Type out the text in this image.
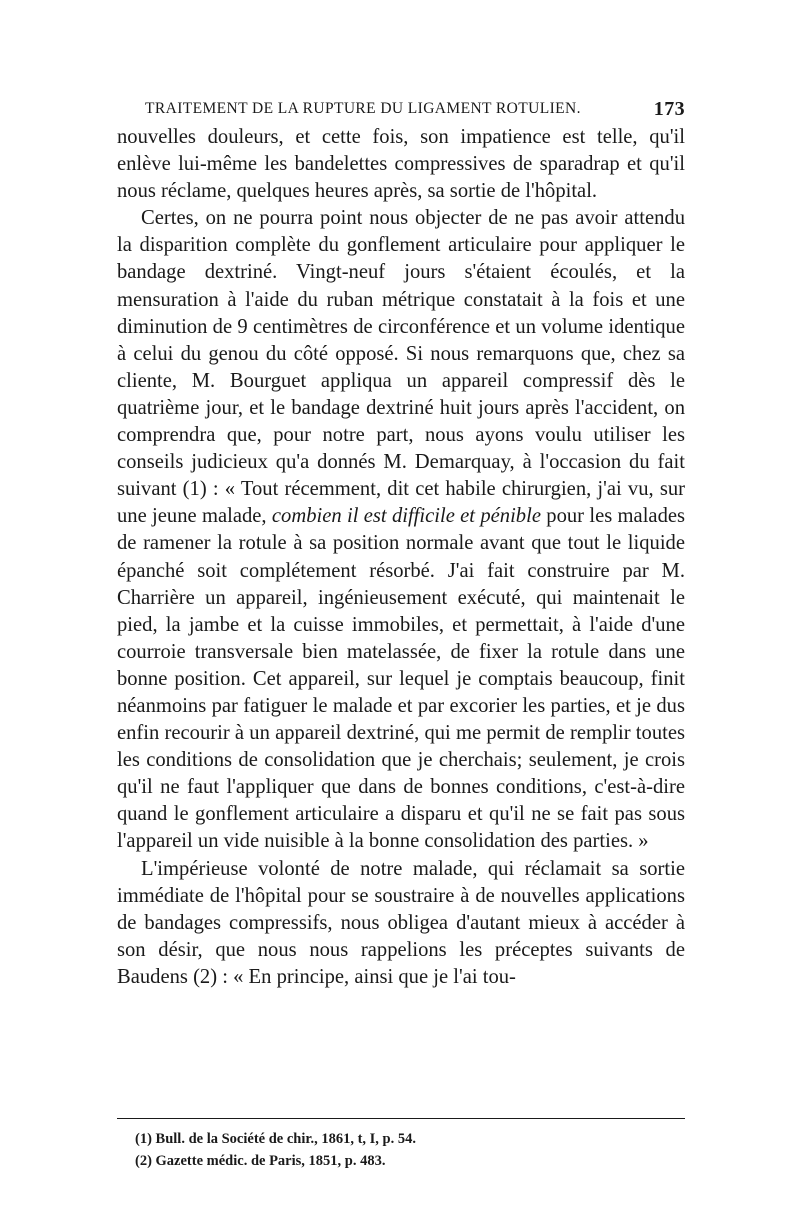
TRAITEMENT DE LA RUPTURE DU LIGAMENT ROTULIEN.	173

nouvelles douleurs, et cette fois, son impatience est telle, qu'il enlève lui-même les bandelettes compressives de sparadrap et qu'il nous réclame, quelques heures après, sa sortie de l'hôpital.

Certes, on ne pourra point nous objecter de ne pas avoir attendu la disparition complète du gonflement articulaire pour appliquer le bandage dextriné. Vingt-neuf jours s'étaient écoulés, et la mensuration à l'aide du ruban métrique constatait à la fois et une diminution de 9 centimètres de circonférence et un volume identique à celui du genou du côté opposé. Si nous remarquons que, chez sa cliente, M. Bourguet appliqua un appareil compressif dès le quatrième jour, et le bandage dextriné huit jours après l'accident, on comprendra que, pour notre part, nous ayons voulu utiliser les conseils judicieux qu'a donnés M. Demarquay, à l'occasion du fait suivant (1) : « Tout récemment, dit cet habile chirurgien, j'ai vu, sur une jeune malade, combien il est difficile et pénible pour les malades de ramener la rotule à sa position normale avant que tout le liquide épanché soit complétement résorbé. J'ai fait construire par M. Charrière un appareil, ingénieusement exécuté, qui maintenait le pied, la jambe et la cuisse immobiles, et permettait, à l'aide d'une courroie transversale bien matelassée, de fixer la rotule dans une bonne position. Cet appareil, sur lequel je comptais beaucoup, finit néanmoins par fatiguer le malade et par excorier les parties, et je dus enfin recourir à un appareil dextriné, qui me permit de remplir toutes les conditions de consolidation que je cherchais; seulement, je crois qu'il ne faut l'appliquer que dans de bonnes conditions, c'est-à-dire quand le gonflement articulaire a disparu et qu'il ne se fait pas sous l'appareil un vide nuisible à la bonne consolidation des parties. »

L'impérieuse volonté de notre malade, qui réclamait sa sortie immédiate de l'hôpital pour se soustraire à de nouvelles applications de bandages compressifs, nous obligea d'autant mieux à accéder à son désir, que nous nous rappelions les préceptes suivants de Baudens (2) : « En principe, ainsi que je l'ai tou-

(1) Bull. de la Société de chir., 1861, t, I, p. 54.
(2) Gazette médic. de Paris, 1851, p. 483.
